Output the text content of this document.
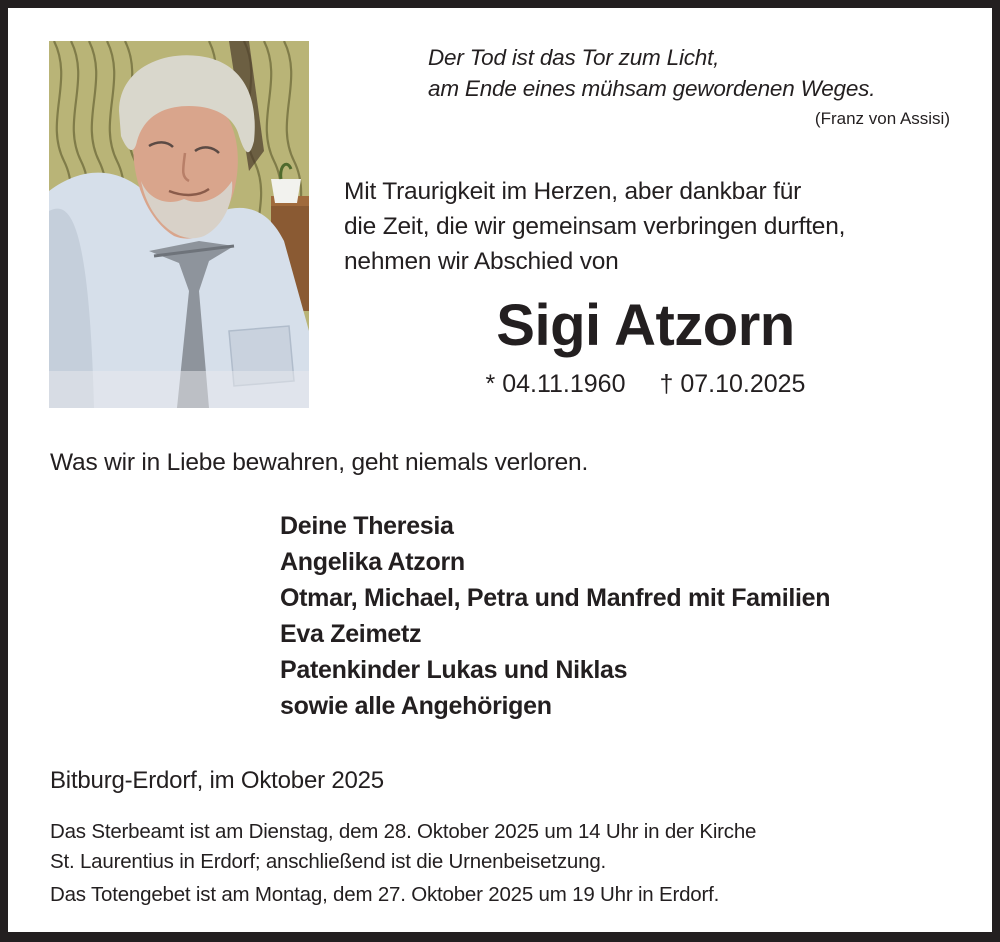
Der Tod ist das Tor zum Licht,
am Ende eines mühsam gewordenen Weges.
(Franz von Assisi)
Mit Traurigkeit im Herzen, aber dankbar für
die Zeit, die wir gemeinsam verbringen durften,
nehmen wir Abschied von
Sigi Atzorn
* 04.11.1960 † 07.10.2025
Was wir in Liebe bewahren, geht niemals verloren.
Deine Theresia
Angelika Atzorn
Otmar, Michael, Petra und Manfred mit Familien
Eva Zeimetz
Patenkinder Lukas und Niklas
sowie alle Angehörigen
Bitburg-Erdorf, im Oktober 2025

Das Sterbeamt ist am Dienstag, dem 28. Oktober 2025 um 14 Uhr in der Kirche

St. Laurentius in Erdorf; anschließend ist die Urnenbeisetzung.

Das Totengebet ist am Montag, dem 27. Oktober 2025 um 19 Uhr in Erdorf.
